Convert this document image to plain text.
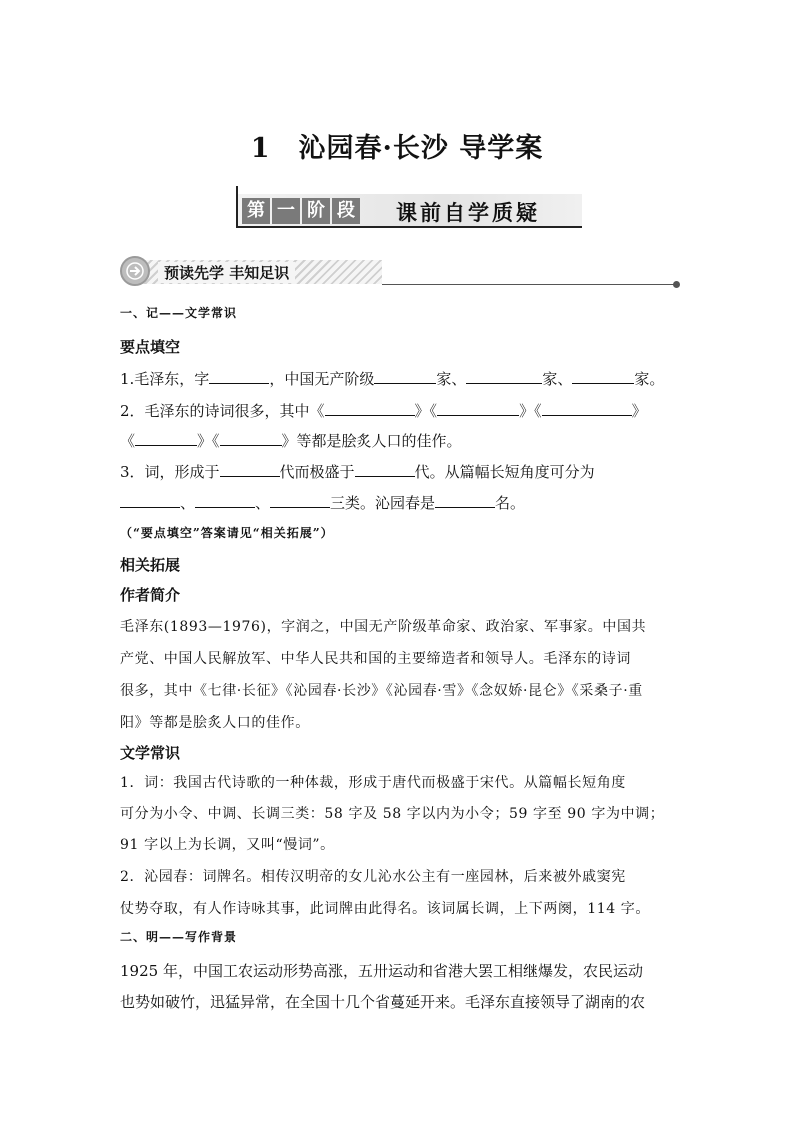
1　沁园春·长沙 导学案
第 一 阶 段 课前自学质疑
预读先学 丰知足识
一、记——文学常识
要点填空
1.毛泽东，字	，中国无产阶级	家、	家、	家。
2．毛泽东的诗词很多，其中《	》《	》《	》
《	》《	》等都是脍炙人口的佳作。
3．词，形成于	代而极盛于	代。从篇幅长短角度可分为
、	、	三类。沁园春是	名。
（“要点填空”答案请见“相关拓展”）
相关拓展
作者简介
毛泽东(1893—1976)，字润之，中国无产阶级革命家、政治家、军事家。中国共
产党、中国人民解放军、中华人民共和国的主要缔造者和领导人。毛泽东的诗词
很多，其中《七律·长征》《沁园春·长沙》《沁园春·雪》《念奴娇·昆仑》《采桑子·重
阳》等都是脍炙人口的佳作。
文学常识
1．词：我国古代诗歌的一种体裁，形成于唐代而极盛于宋代。从篇幅长短角度
可分为小令、中调、长调三类：58 字及 58 字以内为小令；59 字至 90 字为中调；
91 字以上为长调，又叫“慢词”。
2．沁园春：词牌名。相传汉明帝的女儿沁水公主有一座园林，后来被外戚窦宪
仗势夺取，有人作诗咏其事，此词牌由此得名。该词属长调，上下两阕，114 字。
二、明——写作背景
1925 年，中国工农运动形势高涨，五卅运动和省港大罢工相继爆发，农民运动
也势如破竹，迅猛异常，在全国十几个省蔓延开来。毛泽东直接领导了湖南的农
